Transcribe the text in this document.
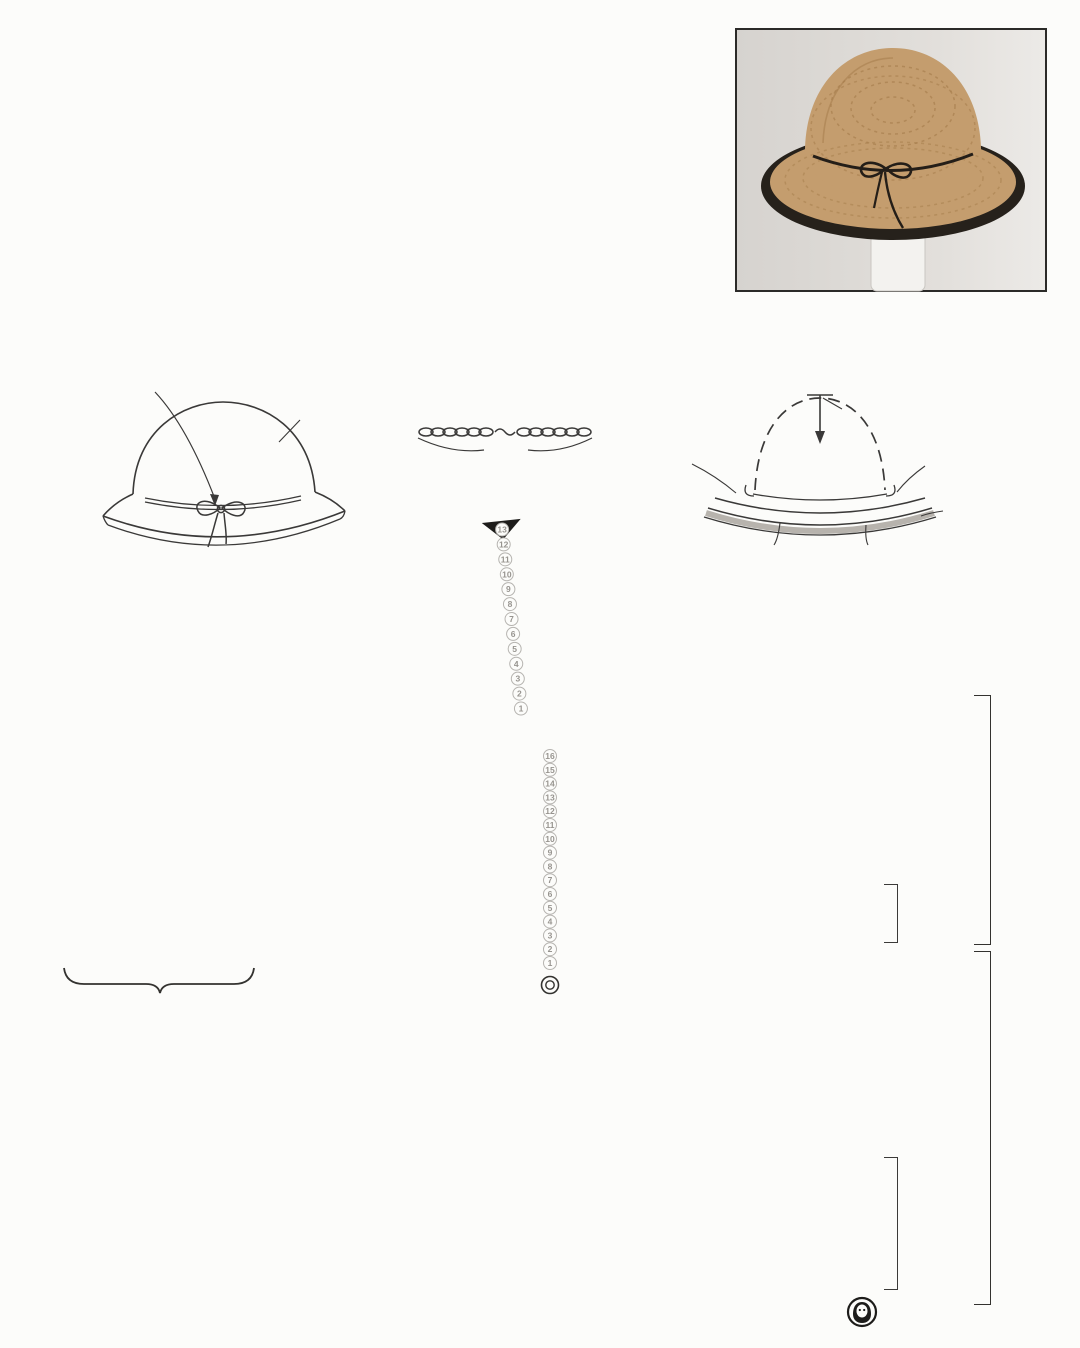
1
2
3
4
5
6
7
8
9
10
11
12
13
14
15
16
1
2
3
4
5
6
7
8
9
10
11
12
13
